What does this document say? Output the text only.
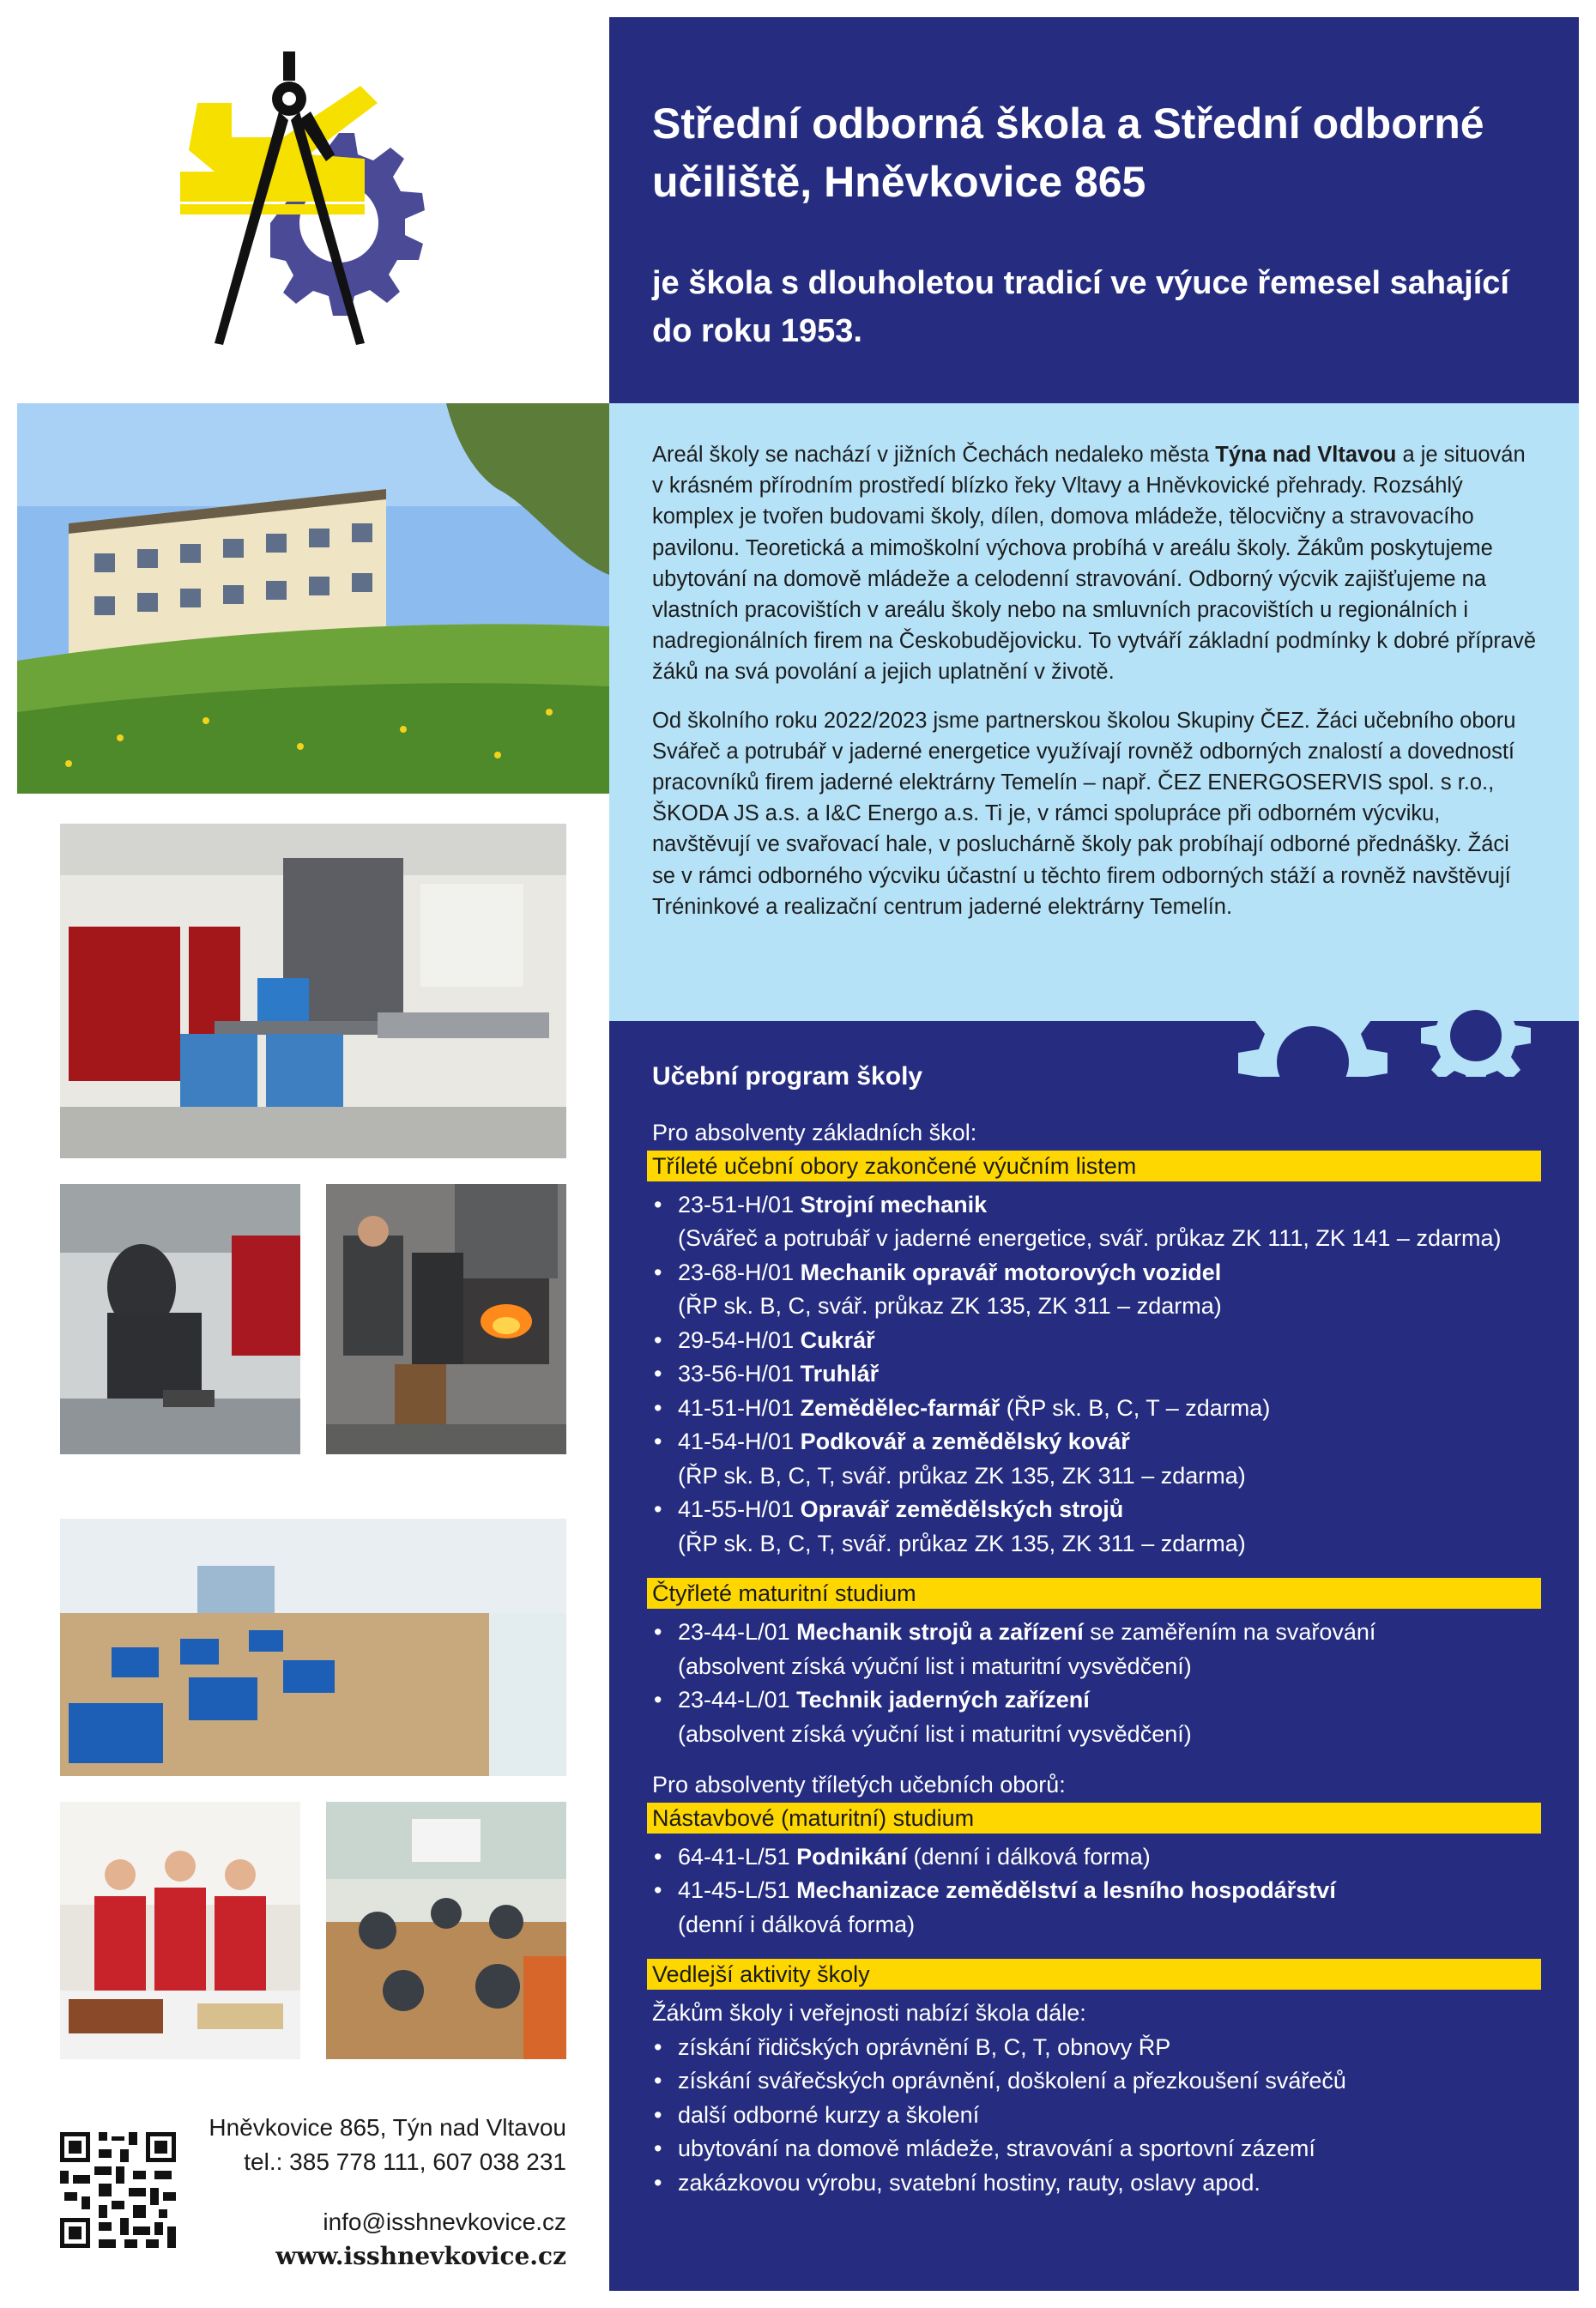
Hněvkovice 865, Týn nad Vltavou
tel.: 385 778 111, 607 038 231
info@isshnevkovice.cz
www.isshnevkovice.cz
Střední odborná škola a Střední odborné učiliště, Hněvkovice 865
je škola s dlouholetou tradicí ve výuce řemesel sahající do roku 1953.

Areál školy se nachází v jižních Čechách nedaleko města Týna nad Vltavou a je situován v krásném přírodním prostředí blízko řeky Vltavy a Hněvkovické přehrady. Rozsáhlý komplex je tvořen budovami školy, dílen, domova mládeže, tělocvičny a stravovacího pavilonu. Teoretická a mimoškolní výchova probíhá v areálu školy. Žákům poskytujeme ubytování na domově mládeže a celodenní stravování. Odborný výcvik zajišťujeme na vlastních pracovištích v areálu školy nebo na smluvních pracovištích u regionálních i nadregionálních firem na Českobudějovicku. To vytváří základní podmínky k dobré přípravě žáků na svá povolání a jejich uplatnění v životě.

Od školního roku 2022/2023 jsme partnerskou školou Skupiny ČEZ. Žáci učebního oboru Svářeč a potrubář v jaderné energetice využívají rovněž odborných znalostí a dovedností pracovníků firem jaderné elektrárny Temelín – např. ČEZ ENERGOSERVIS spol. s r.o., ŠKODA JS a.s. a I&C Energo a.s. Ti je, v rámci spolupráce při odborném výcviku, navštěvují ve svařovací hale, v posluchárně školy pak probíhají odborné přednášky. Žáci se v rámci odborného výcviku účastní u těchto firem odborných stáží a rovněž navštěvují Tréninkové a realizační centrum jaderné elektrárny Temelín.

Učební program školy
Pro absolventy základních škol:
Tříleté učební obory zakončené výučním listem
• 23-51-H/01 Strojní mechanik
(Svářeč a potrubář v jaderné energetice, svář. průkaz ZK 111, ZK 141 – zdarma)
• 23-68-H/01 Mechanik opravář motorových vozidel
(ŘP sk. B, C, svář. průkaz ZK 135, ZK 311 – zdarma)
• 29-54-H/01 Cukrář
• 33-56-H/01 Truhlář
• 41-51-H/01 Zemědělec-farmář (ŘP sk. B, C, T – zdarma)
• 41-54-H/01 Podkovář a zemědělský kovář
(ŘP sk. B, C, T, svář. průkaz ZK 135, ZK 311 – zdarma)
• 41-55-H/01 Opravář zemědělských strojů
(ŘP sk. B, C, T, svář. průkaz ZK 135, ZK 311 – zdarma)
Čtyřleté maturitní studium
• 23-44-L/01 Mechanik strojů a zařízení se zaměřením na svařování
(absolvent získá výuční list i maturitní vysvědčení)
• 23-44-L/01 Technik jaderných zařízení
(absolvent získá výuční list i maturitní vysvědčení)
Pro absolventy tříletých učebních oborů:
Nástavbové (maturitní) studium
• 64-41-L/51 Podnikání (denní i dálková forma)
• 41-45-L/51 Mechanizace zemědělství a lesního hospodářství
(denní i dálková forma)
Vedlejší aktivity školy
Žákům školy i veřejnosti nabízí škola dále:
• získání řidičských oprávnění B, C, T, obnovy ŘP
• získání svářečských oprávnění, doškolení a přezkoušení svářečů
• další odborné kurzy a školení
• ubytování na domově mládeže, stravování a sportovní zázemí
• zakázkovou výrobu, svatební hostiny, rauty, oslavy apod.
